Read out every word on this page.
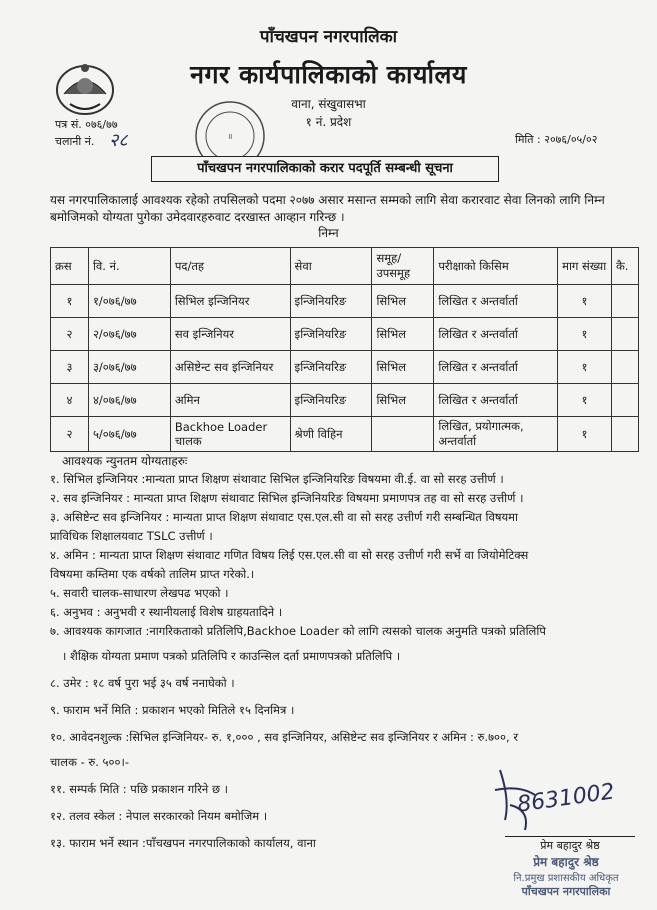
पाँचखपन नगरपालिका
नगर कार्यपालिकाको कार्यालय
वाना, संखुवासभा
१ नं. प्रदेश
पत्र सं. ०७६/७७
चलानी नं. २८	मिति : २०७६/०५/०२
॥
पाँचखपन नगरपालिकाको करार पदपूर्ति सम्बन्धी सूचना
यस नगरपालिकालाई आवश्यक रहेको तपसिलको पदमा २०७७ असार मसान्त सम्मको लागि सेवा करारवाट सेवा लिनको लागि निम्न बमोजिमको योग्यता पुगेका उमेदवारहरुवाट दरखास्त आव्हान गरिन्छ ।
निम्न
क्रस	वि. नं.	पद/तह	सेवा	समूह/ उपसमूह	परीक्षाको किसिम	माग संख्या	कै.
१	१/०७६/७७	सिभिल इन्जिनियर	इन्जिनियरिङ	सिभिल	लिखित र अन्तर्वार्ता	१	
२	२/०७६/७७	सव इन्जिनियर	इन्जिनियरिङ	सिभिल	लिखित र अन्तर्वार्ता	१	
३	३/०७६/७७	असिष्टेन्ट सव इन्जिनियर	इन्जिनियरिङ	सिभिल	लिखित र अन्तर्वार्ता	१	
४	४/०७६/७७	अमिन	इन्जिनियरिङ	सिभिल	लिखित र अन्तर्वार्ता	१	
२	५/०७६/७७	Backhoe Loader चालक	श्रेणी विहिन		लिखित, प्रयोगात्मक, अन्तर्वार्ता	१	
आवश्यक न्युनतम योग्यताहरुः
१. सिभिल इन्जिनियर :मान्यता प्राप्त शिक्षण संथावाट सिभिल इन्जिनियरिङ विषयमा वी.ई. वा सो सरह उत्तीर्ण ।
२. सव इन्जिनियर : मान्यता प्राप्त शिक्षण संथावाट सिभिल इन्जिनियरिङ विषयमा प्रमाणपत्र तह वा सो सरह उत्तीर्ण ।
३. असिष्टेन्ट सव इन्जिनियर : मान्यता प्राप्त शिक्षण संथावाट एस.एल.सी वा सो सरह उत्तीर्ण गरी सम्बन्धित विषयमा
प्राविधिक शिक्षालयवाट TSLC उत्तीर्ण ।
४. अमिन : मान्यता प्राप्त शिक्षण संथावाट गणित विषय लिई एस.एल.सी वा सो सरह उत्तीर्ण गरी सर्भे वा जियोमेटिक्स
विषयमा कम्तिमा एक वर्षको तालिम प्राप्त गरेको.।
५. सवारी चालक-साधारण लेखपढ भएको ।
६. अनुभव : अनुभवी र स्थानीयलाई विशेष ग्राहयतादिने ।
७. आवश्यक कागजात :नागरिकताको प्रतिलिपि,Backhoe Loader को लागि त्यसको चालक अनुमति पत्रको प्रतिलिपि
। शैक्षिक योग्यता प्रमाण पत्रको प्रतिलिपि र काउन्सिल दर्ता प्रमाणपत्रको प्रतिलिपि ।
८. उमेर : १८ वर्ष पुरा भई ३५ वर्ष ननाघेको ।
९. फाराम भर्ने मिति : प्रकाशन भएको मितिले १५ दिनमित्र ।
१०. आवेदनशुल्क :सिभिल इन्जिनियर- रु. १,००० , सव इन्जिनियर, असिष्टेन्ट सव इन्जिनियर र अमिन : रु.७००, र
चालक - रु. ५००।-
११. सम्पर्क मिति : पछि प्रकाशन गरिने छ ।
१२. तलव स्केल : नेपाल सरकारको नियम बमोजिम ।
१३. फाराम भर्ने स्थान :पाँचखपन नगरपालिकाको कार्यालय, वाना
8631002
प्रेम बहादुर श्रेष्ठ
प्रेम बहादुर श्रेष्ठ
नि.प्रमुख प्रशासकीय अधिकृत
पाँचखपन नगरपालिका
